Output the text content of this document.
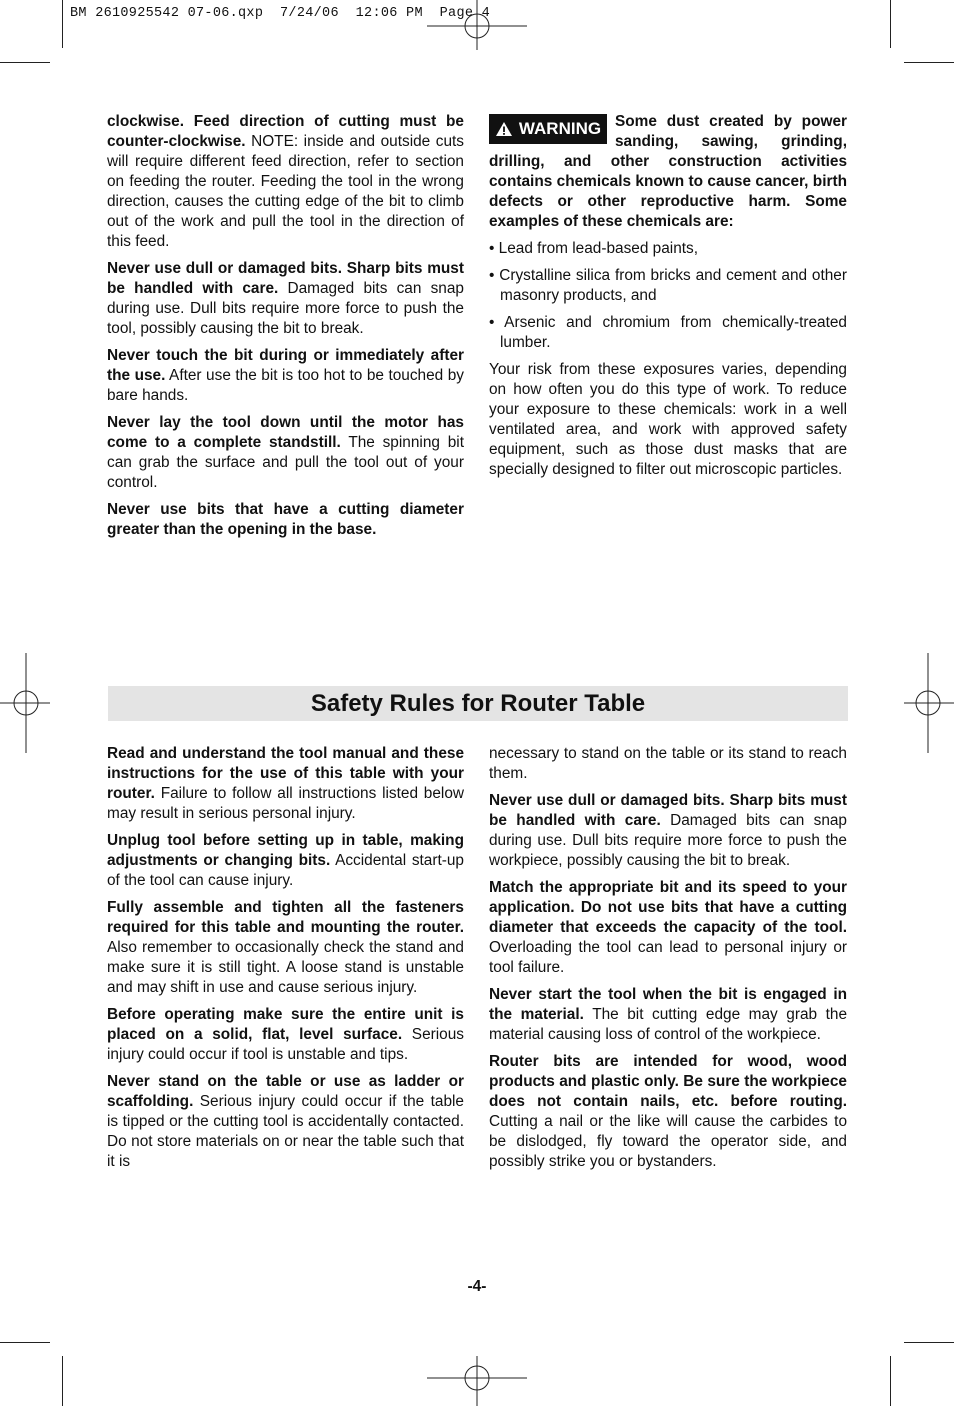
BM 2610925542 07-06.qxp  7/24/06  12:06 PM  Page 4

clockwise. Feed direction of cutting must be counter-clockwise. NOTE: inside and outside cuts will require different feed direction, refer to section on feeding the router. Feeding the tool in the wrong direction, causes the cutting edge of the bit to climb out of the work and pull the tool in the direction of this feed.

Never use dull or damaged bits. Sharp bits must be handled with care. Damaged bits can snap during use. Dull bits require more force to push the tool, possibly causing the bit to break.

Never touch the bit during or immediately after the use. After use the bit is too hot to be touched by bare hands.

Never lay the tool down until the motor has come to a complete standstill. The spinning bit can grab the surface and pull the tool out of your control.

Never use bits that have a cutting diameter greater than the opening in the base.

WARNING Some dust created by power sanding, sawing, grinding, drilling, and other construction activities contains chemicals known to cause cancer, birth defects or other reproductive harm. Some examples of these chemicals are:

• Lead from lead-based paints,

• Crystalline silica from bricks and cement and other masonry products, and

• Arsenic and chromium from chemically-treated lumber.

Your risk from these exposures varies, depending on how often you do this type of work. To reduce your exposure to these chemicals: work in a well ventilated area, and work with approved safety equipment, such as those dust masks that are specially designed to filter out microscopic particles.

Safety Rules for Router Table

Read and understand the tool manual and these instructions for the use of this table with your router. Failure to follow all instructions listed below may result in serious personal injury.

Unplug tool before setting up in table, making adjustments or changing bits. Accidental start-up of the tool can cause injury.

Fully assemble and tighten all the fasteners required for this table and mounting the router. Also remember to occasionally check the stand and make sure it is still tight. A loose stand is unstable and may shift in use and cause serious injury.

Before operating make sure the entire unit is placed on a solid, flat, level surface. Serious injury could occur if tool is unstable and tips.

Never stand on the table or use as ladder or scaffolding. Serious injury could occur if the table is tipped or the cutting tool is accidentally contacted. Do not store materials on or near the table such that it is

necessary to stand on the table or its stand to reach them.

Never use dull or damaged bits. Sharp bits must be handled with care. Damaged bits can snap during use. Dull bits require more force to push the workpiece, possibly causing the bit to break.

Match the appropriate bit and its speed to your application. Do not use bits that have a cutting diameter that exceeds the capacity of the tool. Overloading the tool can lead to personal injury or tool failure.

Never start the tool when the bit is engaged in the material. The bit cutting edge may grab the material causing loss of control of the workpiece.

Router bits are intended for wood, wood products and plastic only. Be sure the workpiece does not contain nails, etc. before routing. Cutting a nail or the like will cause the carbides to be dislodged, fly toward the operator side, and possibly strike you or bystanders.

-4-
